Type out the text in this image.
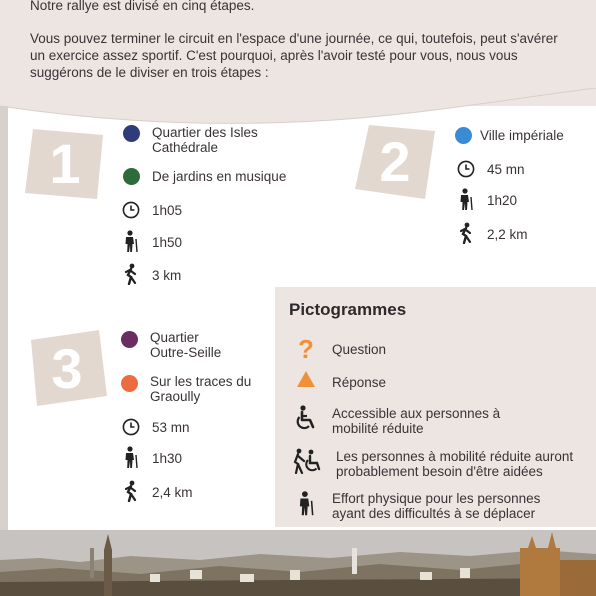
Notre rallye est divisé en cinq étapes.

Vous pouvez terminer le circuit en l'espace d'une journée, ce qui, toutefois, peut s'avérer un exercice assez sportif. C'est pourquoi, après l'avoir testé pour vous, nous vous suggérons de le diviser en trois étapes :

1	Quartier des Isles
Cathédrale
De jardins en musique
1h05
1h50
3 km
2	Ville impériale
45 mn
1h20
2,2 km
3	Quartier
Outre-Seille
Sur les traces du
Graoully
53 mn
1h30
2,4 km
Pictogrammes
? Question
Réponse
Accessible aux personnes à
mobilité réduite
Les personnes à mobilité réduite auront
probablement besoin d'être aidées
Effort physique pour les personnes
ayant des difficultés à se déplacer
